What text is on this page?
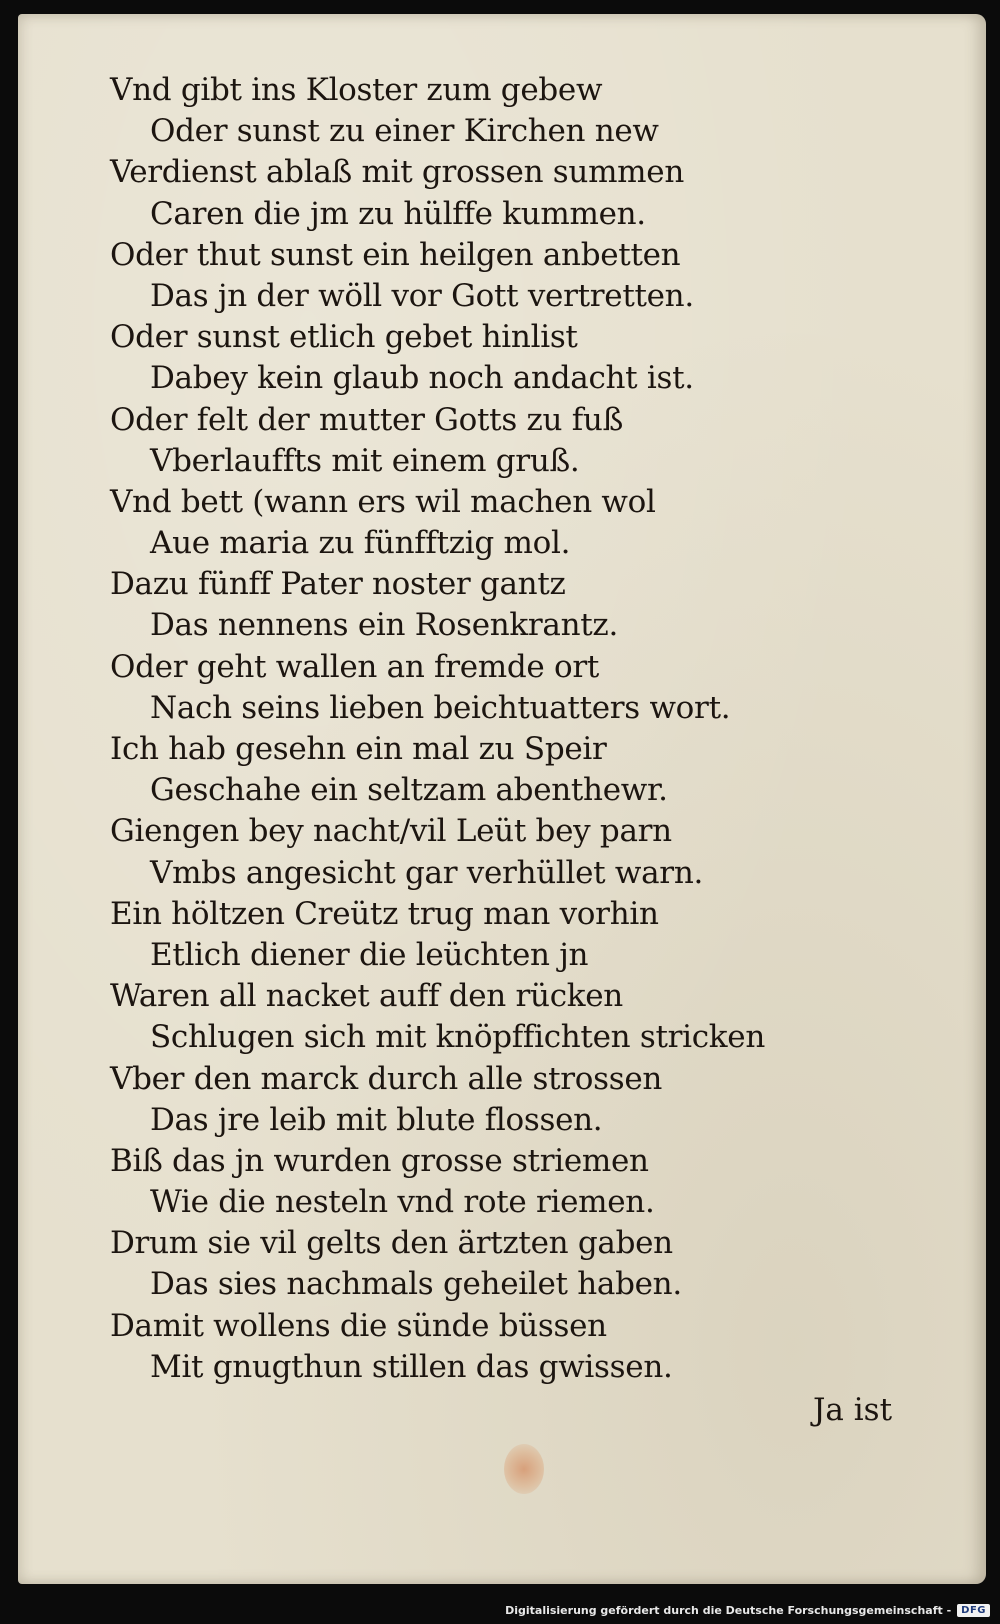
Vnd gibt ins Kloster zum gebew
Oder sunst zu einer Kirchen new
Verdienst ablaß mit grossen summen
Caren die jm zu hülffe kummen.
Oder thut sunst ein heilgen anbetten
Das jn der wöll vor Gott vertretten.
Oder sunst etlich gebet hinlist
Dabey kein glaub noch andacht ist.
Oder felt der mutter Gotts zu fuß
Vberlauffts mit einem gruß.
Vnd bett (wann ers wil machen wol
Aue maria zu fünfftzig mol.
Dazu fünff Pater noster gantz
Das nennens ein Rosenkrantz.
Oder geht wallen an fremde ort
Nach seins lieben beichtuatters wort.
Ich hab gesehn ein mal zu Speir
Geschahe ein seltzam abenthewr.
Giengen bey nacht/vil Leüt bey parn
Vmbs angesicht gar verhüllet warn.
Ein höltzen Creütz trug man vorhin
Etlich diener die leüchten jn
Waren all nacket auff den rücken
Schlugen sich mit knöpffichten stricken
Vber den marck durch alle strossen
Das jre leib mit blute flossen.
Biß das jn wurden grosse striemen
Wie die nesteln vnd rote riemen.
Drum sie vil gelts den ärtzten gaben
Das sies nachmals geheilet haben.
Damit wollens die sünde büssen
Mit gnugthun stillen das gwissen.
Ja ist
Digitalisierung gefördert durch die Deutsche Forschungsgemeinschaft -	DFG
